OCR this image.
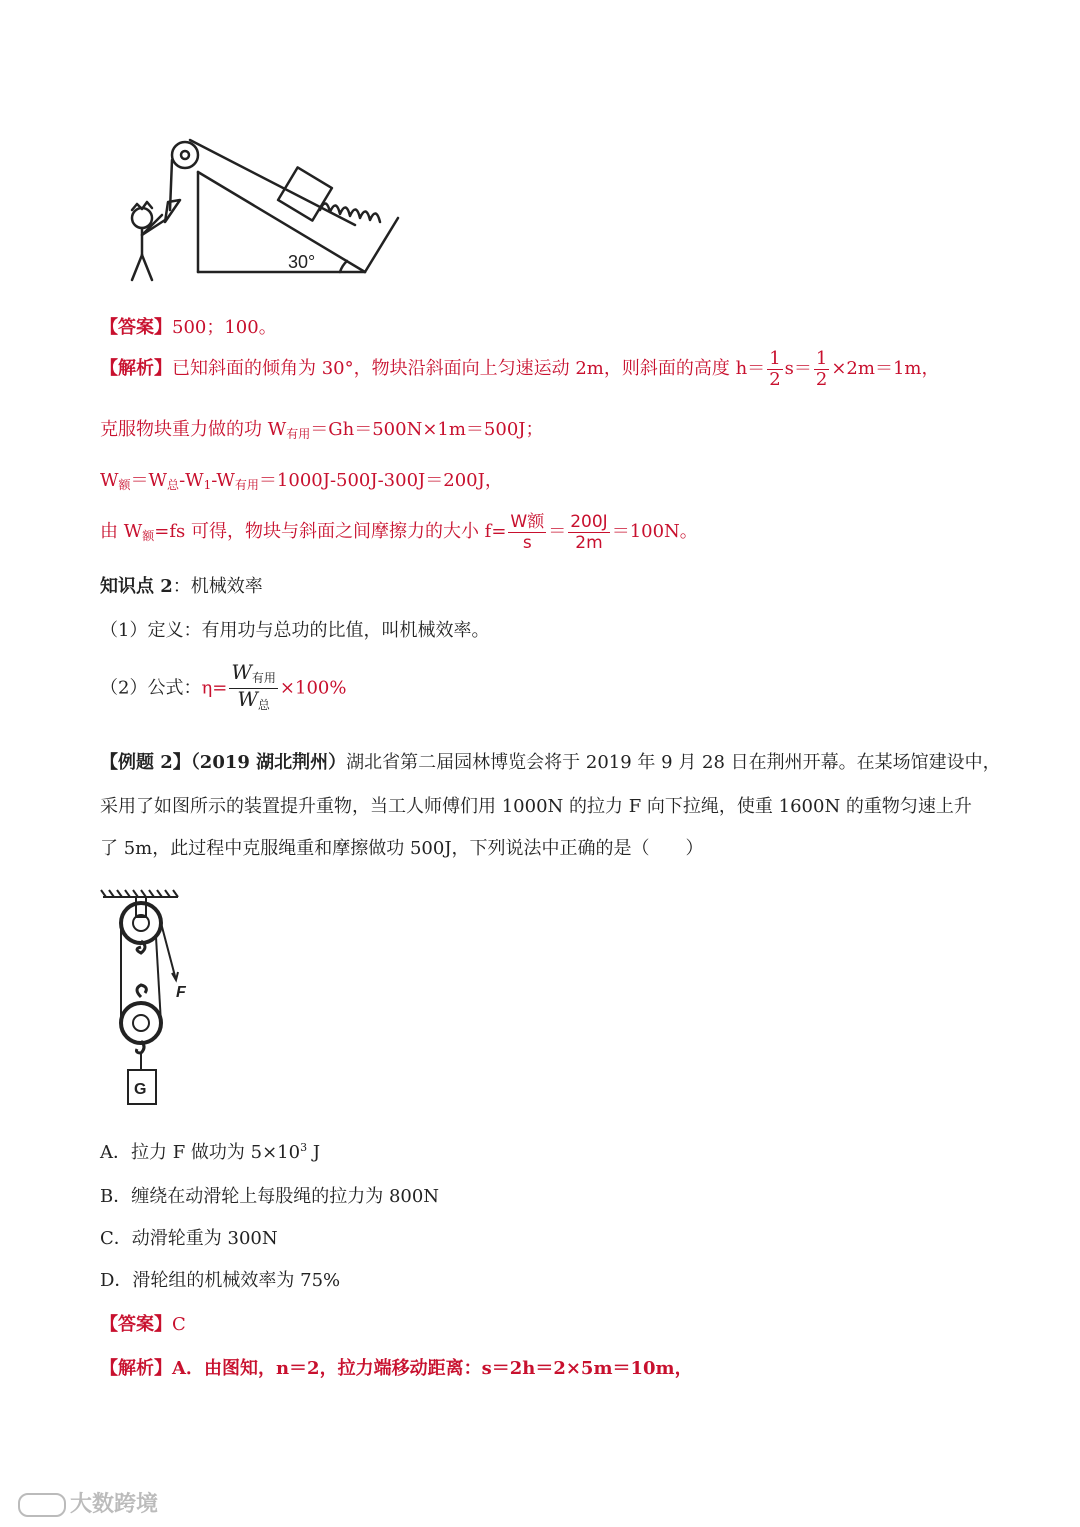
30°
【答案】500；100。
【解析】已知斜面的倾角为 30°，物块沿斜面向上匀速运动 2m，则斜面的高度 $h= \frac{1}{2} s= \frac{1}{2} \times 2m=1m$，
克服物块重力做的功 $W_{有用}=Gh=500N\times 1m=500J$；
$W_额=W_总-W_1-W_{有用}=1000J-500J-300J=200J$，
由 $W_额=fs$ 可得，物块与斜面之间摩擦力的大小 $f= \frac{\text{W额}}{s} = \frac{200J}{2m} =100N$。
知识点 2：机械效率
（1）定义：有用功与总功的比值，叫机械效率。
（2）公式：$\eta= \frac{W_{有用}}{W_总} \times 100\%$
【例题 2】（2019 湖北荆州）湖北省第二届园林博览会将于 2019 年 9 月 28 日在荆州开幕。在某场馆建设中，
采用了如图所示的装置提升重物，当工人师傅们用 1000N 的拉力 F 向下拉绳，使重 1600N 的重物匀速上升
了 5m，此过程中克服绳重和摩擦做功 500J，下列说法中正确的是（　　）
F
G
A．拉力 F 做功为 $5\times 10^3$ J
B．缠绕在动滑轮上每股绳的拉力为 800N
C．动滑轮重为 300N
D．滑轮组的机械效率为 75%
【答案】C
【解析】A．由图知，n＝2，拉力端移动距离：s＝2h＝2×5m＝10m，
大数跨境
